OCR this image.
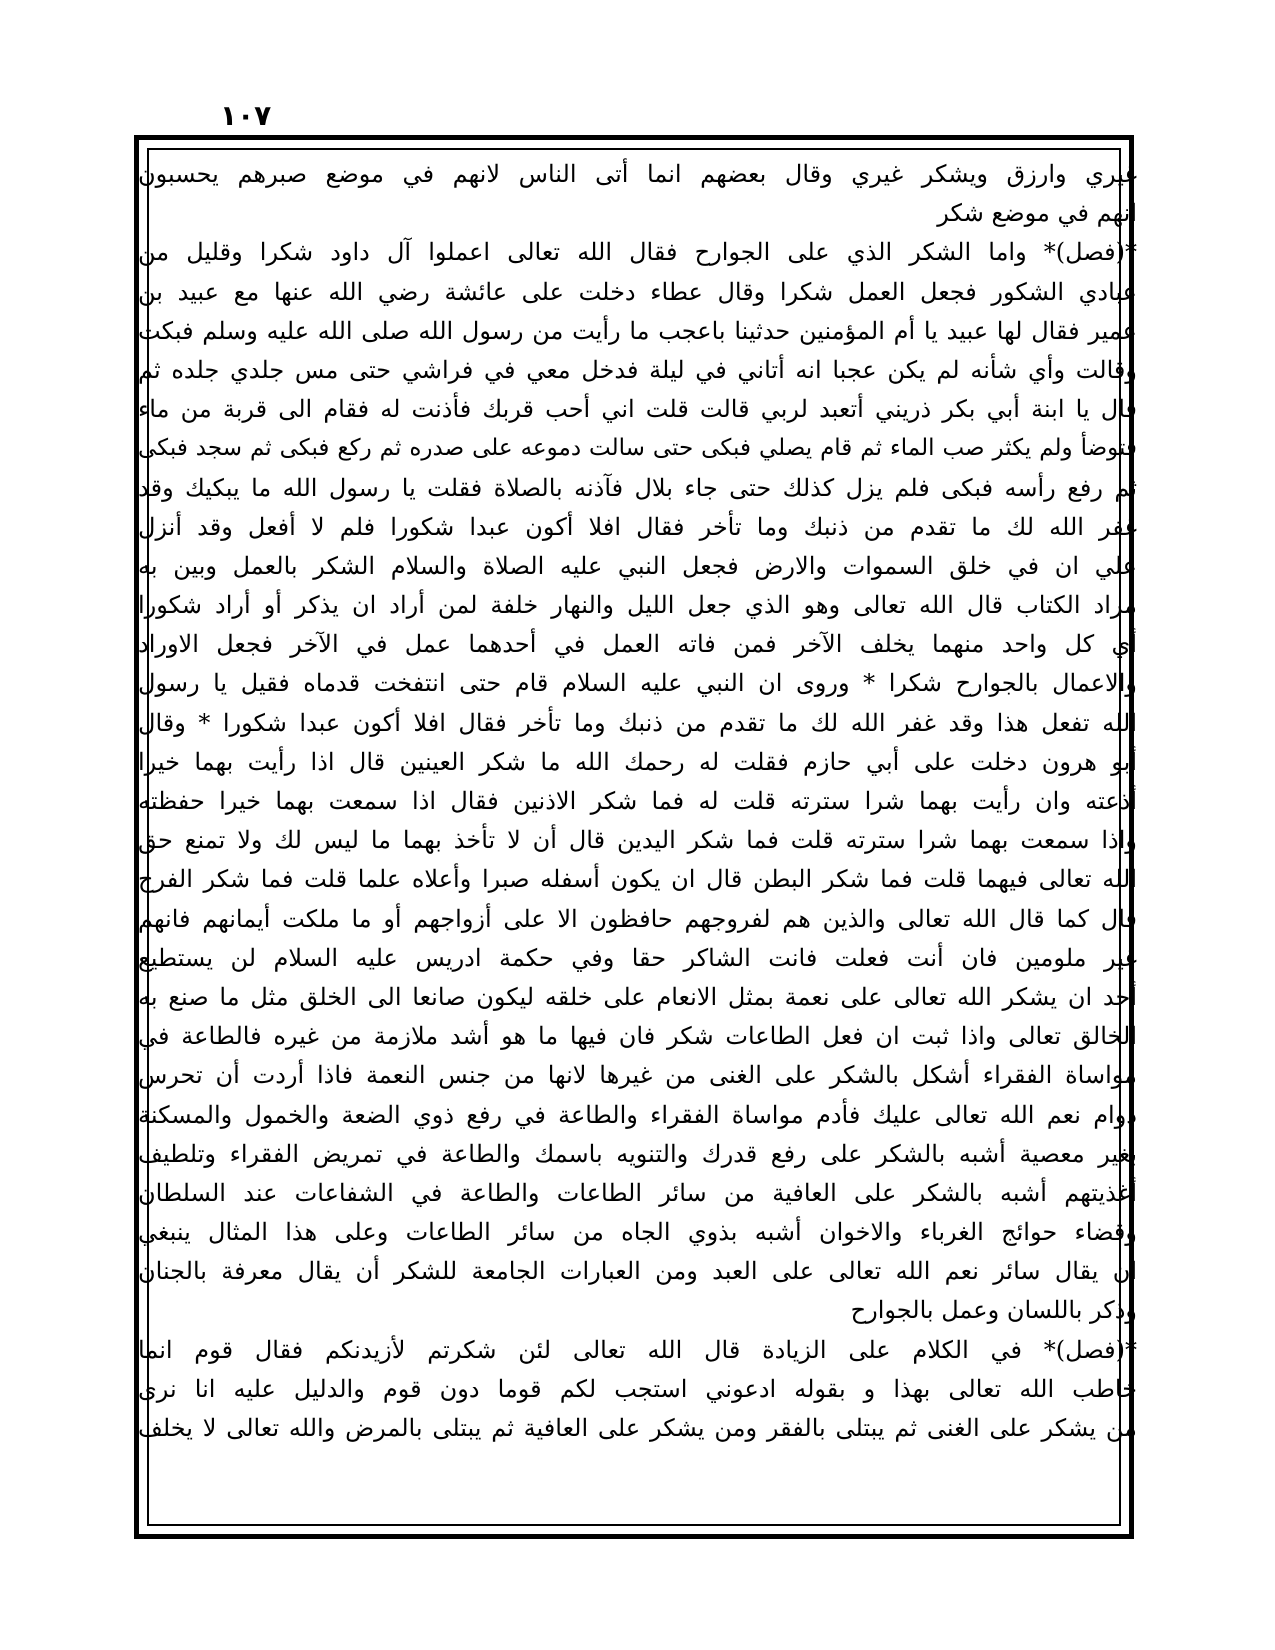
١٠٧
غيري وارزق ويشكر غيري وقال بعضهم انما أتى الناس لانهم في موضع صبرهم يحسبون
انهم في موضع شكر
*(فصل)* واما الشكر الذي على الجوارح فقال الله تعالى اعملوا آل داود شكرا وقليل من
عبادي الشكور فجعل العمل شكرا وقال عطاء دخلت على عائشة رضي الله عنها مع عبيد بن
عمير فقال لها عبيد يا أم المؤمنين حدثينا باعجب ما رأيت من رسول الله صلى الله عليه وسلم فبكت
وقالت وأي شأنه لم يكن عجبا انه أتاني في ليلة فدخل معي في فراشي حتى مس جلدي جلده ثم
قال يا ابنة أبي بكر ذريني أتعبد لربي قالت قلت اني أحب قربك فأذنت له فقام الى قربة من ماء
فتوضأ ولم يكثر صب الماء ثم قام يصلي فبكى حتى سالت دموعه على صدره ثم ركع فبكى ثم سجد فبكى
ثم رفع رأسه فبكى فلم يزل كذلك حتى جاء بلال فآذنه بالصلاة فقلت يا رسول الله ما يبكيك وقد
غفر الله لك ما تقدم من ذنبك وما تأخر فقال افلا أكون عبدا شكورا فلم لا أفعل وقد أنزل
علي ان في خلق السموات والارض فجعل النبي عليه الصلاة والسلام الشكر بالعمل وبين به
مراد الكتاب قال الله تعالى وهو الذي جعل الليل والنهار خلفة لمن أراد ان يذكر أو أراد شكورا
أي كل واحد منهما يخلف الآخر فمن فاته العمل في أحدهما عمل في الآخر فجعل الاوراد
والاعمال بالجوارح شكرا * وروى ان النبي عليه السلام قام حتى انتفخت قدماه فقيل يا رسول
الله تفعل هذا وقد غفر الله لك ما تقدم من ذنبك وما تأخر فقال افلا أكون عبدا شكورا * وقال
أبو هرون دخلت على أبي حازم فقلت له رحمك الله ما شكر العينين قال اذا رأيت بهما خيرا
أذعته وان رأيت بهما شرا سترته قلت له فما شكر الاذنين فقال اذا سمعت بهما خيرا حفظته
واذا سمعت بهما شرا سترته قلت فما شكر اليدين قال أن لا تأخذ بهما ما ليس لك ولا تمنع حق
الله تعالى فيهما قلت فما شكر البطن قال ان يكون أسفله صبرا وأعلاه علما قلت فما شكر الفرج
قال كما قال الله تعالى والذين هم لفروجهم حافظون الا على أزواجهم أو ما ملكت أيمانهم فانهم
غير ملومين فان أنت فعلت فانت الشاكر حقا وفي حكمة ادريس عليه السلام لن يستطيع
أحد ان يشكر الله تعالى على نعمة بمثل الانعام على خلقه ليكون صانعا الى الخلق مثل ما صنع به
الخالق تعالى واذا ثبت ان فعل الطاعات شكر فان فيها ما هو أشد ملازمة من غيره فالطاعة في
مواساة الفقراء أشكل بالشكر على الغنى من غيرها لانها من جنس النعمة فاذا أردت أن تحرس
دوام نعم الله تعالى عليك فأدم مواساة الفقراء والطاعة في رفع ذوي الضعة والخمول والمسكنة
بغير معصية أشبه بالشكر على رفع قدرك والتنويه باسمك والطاعة في تمريض الفقراء وتلطيف
أغذيتهم أشبه بالشكر على العافية من سائر الطاعات والطاعة في الشفاعات عند السلطان
وقضاء حوائج الغرباء والاخوان أشبه بذوي الجاه من سائر الطاعات وعلى هذا المثال ينبغي
ان يقال سائر نعم الله تعالى على العبد ومن العبارات الجامعة للشكر أن يقال معرفة بالجنان
وذكر باللسان وعمل بالجوارح
*(فصل)* في الكلام على الزيادة قال الله تعالى لئن شكرتم لأزيدنكم فقال قوم انما
خاطب الله تعالى بهذا و بقوله ادعوني استجب لكم قوما دون قوم والدليل عليه انا نرى
من يشكر على الغنى ثم يبتلى بالفقر ومن يشكر على العافية ثم يبتلى بالمرض والله تعالى لا يخلف
